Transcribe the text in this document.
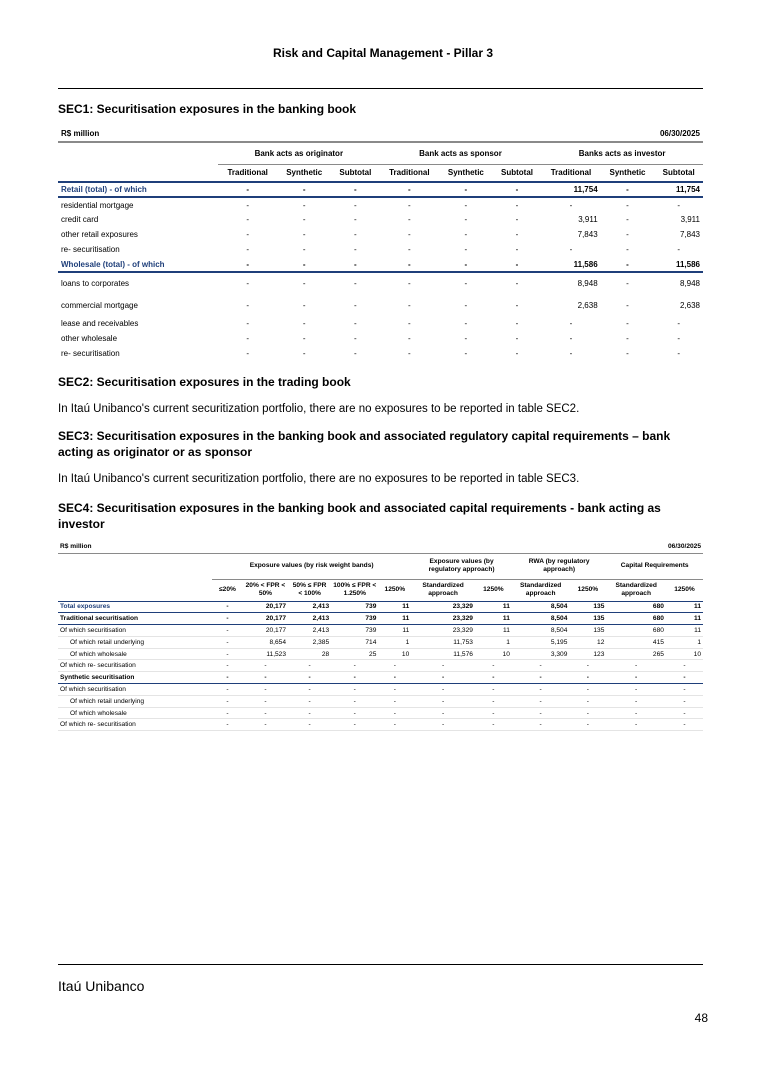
Risk and Capital Management - Pillar 3
SEC1: Securitisation exposures in the banking book
R$ million					06/30/2025				
	Bank acts as originator			Bank acts as sponsor			Banks acts as investor		
	Traditional	Synthetic	Subtotal	Traditional	Synthetic	Subtotal	Traditional	Synthetic	Subtotal
Retail (total) - of which	-	-	-	-	-	-	11,754	-	11,754
residential mortgage	-	-	-	-	-	-	-	-	-
credit card	-	-	-	-	-	-	3,911	-	3,911
other retail exposures	-	-	-	-	-	-	7,843	-	7,843
re- securitisation	-	-	-	-	-	-	-	-	-
Wholesale (total) - of which	-	-	-	-	-	-	11,586	-	11,586
loans to corporates	-	-	-	-	-	-	8,948	-	8,948
commercial mortgage	-	-	-	-	-	-	2,638	-	2,638
lease and receivables	-	-	-	-	-	-	-	-	-
other wholesale	-	-	-	-	-	-	-	-	-
re- securitisation	-	-	-	-	-	-	-	-	-
SEC2: Securitisation exposures in the trading book
In Itaú Unibanco's current securitization portfolio, there are no exposures to be reported in table SEC2.
SEC3: Securitisation exposures in the banking book and associated regulatory capital requirements – bank acting as originator or as sponsor
In Itaú Unibanco's current securitization portfolio, there are no exposures to be reported in table SEC3.
SEC4: Securitisation exposures in the banking book and associated capital requirements - bank acting as investor
R$ million						06/30/2025					
	Exposure values (by risk weight bands)					Exposure values (by regulatory approach)		RWA (by regulatory approach)		Capital Requirements	
	≤20%	20% < FPR < 50%	50% ≤ FPR < 100%	100% ≤ FPR < 1.250%	1250%	Standardized approach	1250%	Standardized approach	1250%	Standardized approach	1250%
Total exposures	-	20,177	2,413	739	11	23,329	11	8,504	135	680	11
Traditional securitisation	-	20,177	2,413	739	11	23,329	11	8,504	135	680	11
Of which securitisation	-	20,177	2,413	739	11	23,329	11	8,504	135	680	11
Of which retail underlying	-	8,654	2,385	714	1	11,753	1	5,195	12	415	1
Of which wholesale	-	11,523	28	25	10	11,576	10	3,309	123	265	10
Of which re- securitisation	-	-	-	-	-	-	-	-	-	-	-
Synthetic securitisation	-	-	-	-	-	-	-	-	-	-	-
Of which securitisation	-	-	-	-	-	-	-	-	-	-	-
Of which retail underlying	-	-	-	-	-	-	-	-	-	-	-
Of which wholesale	-	-	-	-	-	-	-	-	-	-	-
Of which re- securitisation	-	-	-	-	-	-	-	-	-	-	-
Itaú Unibanco
48
